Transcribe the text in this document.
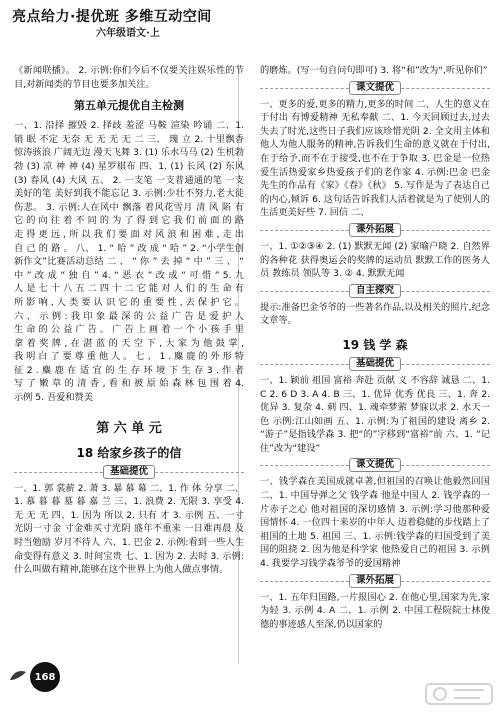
亮点给力·提优班 多维互动空间
六年级语文·上

《新闻联播》。 2. 示例:你们今后不仅要关注娱乐性的节目,对新闻类的节目也要多加关注。

第五单元提优自主检测

一、1. 沿择 摧毁 2. 择歧 羞涩 马鞍 渲染 吟诵 二、1. 销 眠 不定 无奈 无 无 无 无 二 三、 瑰 立 2. 十里飘香 惊涛骇浪 广阔无边 漫天飞舞 3. (1) 乐水马马 (2) 生机勃勃 (3) 凉 神 神 (4) 星罗棋布 四、1. (1) 长风 (2) 东风 (3) 春风 (4) 大风 五、 2. 一支笔 一支普通通的笔 一支美好的笔 美好到我不能忘记 3. 示例:少壮不努力,老大徒伤悲。 3. 示例:人在风中 飘落 着风花雪月 清 风 陷 有 它 的 向 往 着 不 同 的 为 了 得 到 它 我 们 前 面 的 路 走 得 更 远 , 所 以 我 们 要 面 对 风 浪 和 困 难 , 走 出 自 己 的 路 。 八、 1. “ 哈 ” 改 成 “ 哈 ” 2. “小学生创新作文”比赛活动总结 二 、 “ 你 ” 去 掉 “ 中 ” 三 、 “ 中 ” 改 成 “ 独 自 ” 4. “ 恶 衣 ” 改 成 “ 可 惜 ” 5. 九 人 是 七 十 八 五 二 四 十 二 它 能 对 人 们 的 生 命 有 所 影 响 , 人 类 要 认 识 它 的 重 要 性 , 去 保 护 它 。 六 、 示 例 : 我 印 象 最 深 的 公 益 广 告 是 爱 护 人 生 命 的 公 益 广 告 。 广 告 上 画 着 一 个 小 孩 手 里 拿 着 奖 牌 , 在 湛 蓝 的 天 空 下 , 大 家 为 他 鼓 掌 , 我 明 白 了 要 尊 重 他 人 。 七 、 1 . 麋 鹿 的 外 形 特 征 2 . 麋 鹿 在 适 宜 的 生 存 环 境 下 生 存 3 . 作 者 写 了 嫩 草 的 清 香 , 看 和 被 原 始 森 林 包 围 着 4. 示例 5. 吾爱和赞美

第 六 单 元
18 给家乡孩子的信
基础提优

一、1. 郭 裳薪 2. 萧 3. 暴 慕 幕 二、1. 作 体 分享 二、1. 慕 暮 暮 墓 暮 嘉 兰 三、1. 浪费 2. 无限 3. 享受 4. 无 无 无 四、1. 因为 所以 2. 只有 才 3. 示例 五、一寸光阴一寸金 寸金难买寸光阴 盛年不重来 一日难再晨 及时当勉励 岁月不待人 六、1. 巴金 2. 示例:看到一些人生命变得有意义 3. 时间宝贵 七、1. 因为 2. 去时 3. 示例:什么叫做有精神,能够在这个世界上为他人做点事情。

的磨炼。(写一句自问句即可) 3. 将“和”改为“,听见你们”

课文提优

一、更多的爱,更多的精力,更多的时间 二、人生的意义在于付出 有博爱精神 无私奉献 二、1. 今天回顾过去,过去失去了时光,这些日子我们应该珍惜光阴 2. 全文用主体和他人为他人服务的精神,告诉我们生命的意义就在于付出,在于给予,而不在于接受,也不在于争取 3. 巴金是一位热爱生活热爱家乡热爱孩子们的老作家 4. 示例:巴金 巴金先生的作品有《家》《春》《秋》 5. 写作是为了表达自己的内心,倾诉 6. 这句话告诉我们人活着就是为了使别人的生活更美好些 7. 回信 二、

课外拓展

一、1. ①②③④ 2. (1) 默默无闻 (2) 家喻户晓 2. 自然界的各种花 获得奥运会的奖牌的运动员 默默工作的医务人员 教练员 领队等 3. ② 4. 默默无闻

自主探究

提示:准备巴金爷爷的一些著名作品,以及相关的照片,纪念文章等。

19 钱 学 森
基础提优

一、1. 颖前 祖国 富裕 奔赴 贡献 义 不容辞 诚恳 二、1. C 2. 6 D 3. A 4. B 三、1. 优异 优秀 优良 三、1. 奔 2. 优异 3. 复杂 4. 刺 四、1. 魂牵梦萦 梦寐以求 2. 水天一色 示例:江山如画 五、1. 示例:为了祖国的建设 离乡 2. “游子”是指钱学森 3. 把“的”字移到“富裕”前 六、1. “记住”改为“建设”

课文提优

一、钱学森在美国成就卓著,但祖国的召唤让他毅然回国 二、1. 中国导弹之父 钱学森 他是中国人 2. 钱学森的一片赤子之心 他对祖国的深切感情 3. 示例:学习他那种爱国情怀 4. 一位四十来岁的中年人 迈着稳健的步伐踏上了祖国的土地 5. 祖国 三、1. 示例:钱学森的归国受到了美国的阻挠 2. 因为他是科学家 他热爱自己的祖国 3. 示例 4. 我要学习钱学森爷爷的爱国精神

课外拓展

一、1. 五年归国路,一片报国心 2. 在他心里,国家为先,家为轻 3. 示例 4. A 二、1. 示例 2. 中国工程院院士林俊德的事迹感人至深,仍以国家的

168
